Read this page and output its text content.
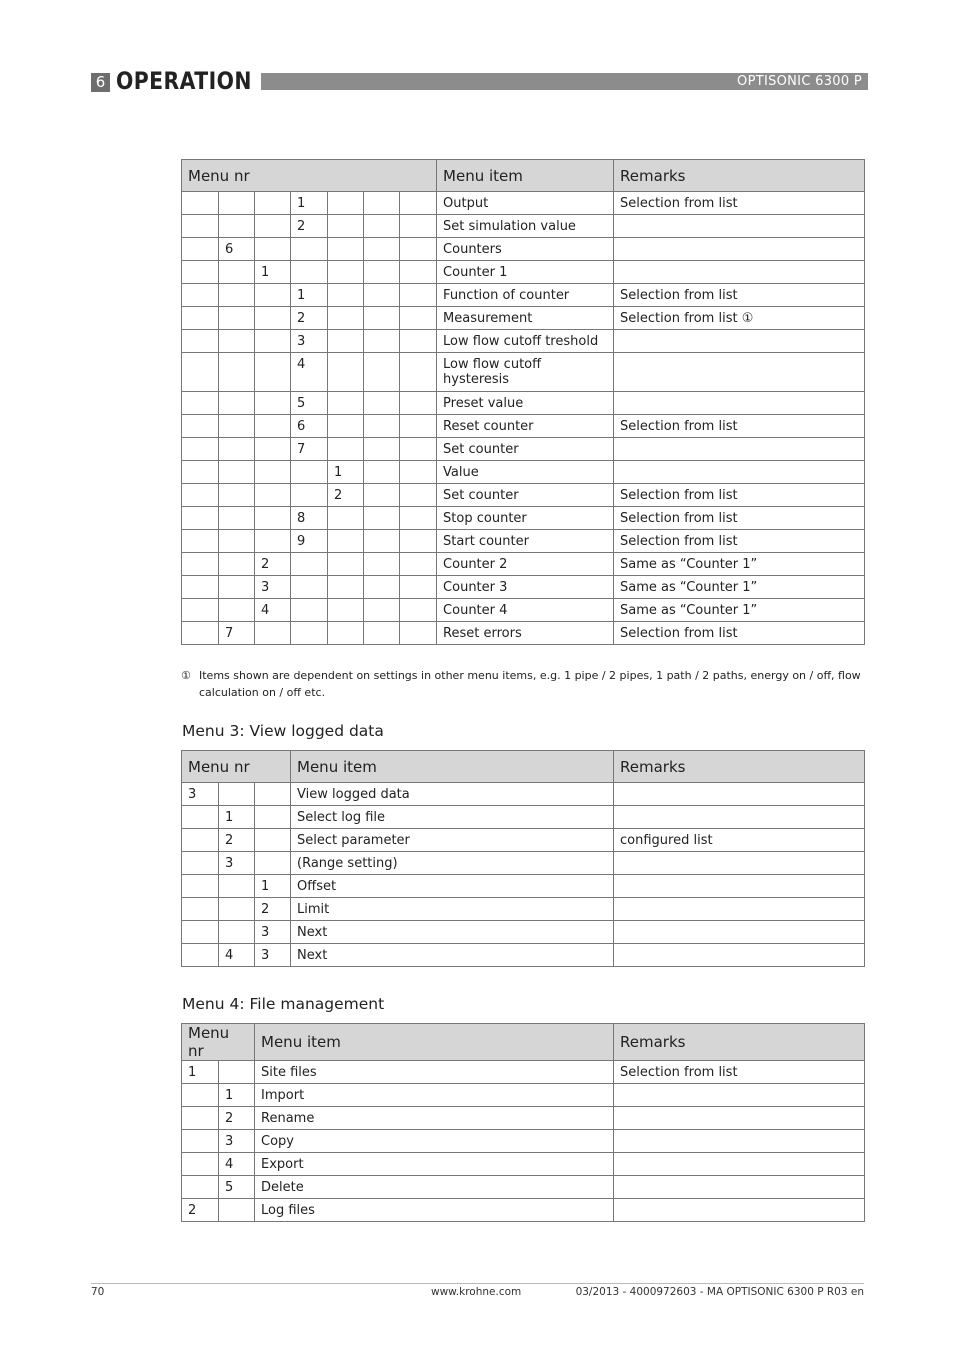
6 OPERATION	OPTISONIC 6300 P
Menu nr							Menu item	Remarks
			1				Output	Selection from list
			2				Set simulation value	
	6						Counters	
		1					Counter 1	
			1				Function of counter	Selection from list
			2				Measurement	Selection from list ①
			3				Low flow cutoff treshold	
			4				Low flow cutoff hysteresis	
			5				Preset value	
			6				Reset counter	Selection from list
			7				Set counter	
				1			Value	
				2			Set counter	Selection from list
			8				Stop counter	Selection from list
			9				Start counter	Selection from list
		2					Counter 2	Same as “Counter 1”
		3					Counter 3	Same as “Counter 1”
		4					Counter 4	Same as “Counter 1”
	7						Reset errors	Selection from list
① Items shown are dependent on settings in other menu items, e.g. 1 pipe / 2 pipes, 1 path / 2 paths, energy on / off, flow calculation on / off etc.
Menu 3: View logged data
Menu nr			Menu item	Remarks
3			View logged data	
	1		Select log file	
	2		Select parameter	configured list
	3		(Range setting)	
		1	Offset	
		2	Limit	
		3	Next	
	4	3	Next	
Menu 4: File management
Menu nr		Menu item	Remarks
1		Site files	Selection from list
	1	Import	
	2	Rename	
	3	Copy	
	4	Export	
	5	Delete	
2		Log files	
70	www.krohne.com	03/2013 - 4000972603 - MA OPTISONIC 6300 P R03 en
